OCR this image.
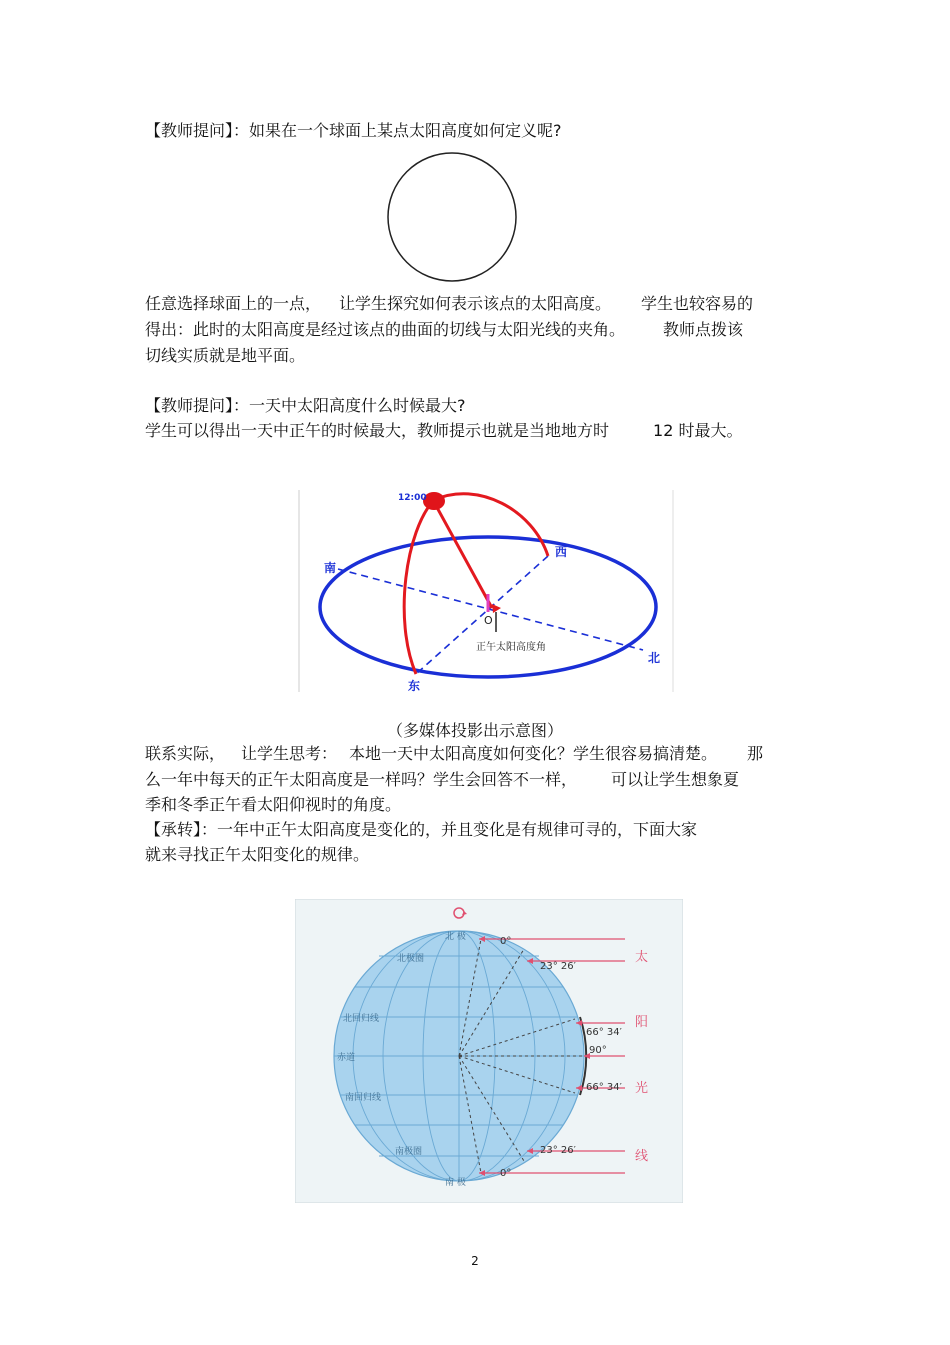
【教师提问】：如果在一个球面上某点太阳高度如何定义呢?
任意选择球面上的一点， 让学生探究如何表示该点的太阳高度。 学生也较容易的
得出：此时的太阳高度是经过该点的曲面的切线与太阳光线的夹角。 教师点拨该
切线实质就是地平面。
【教师提问】：一天中太阳高度什么时候最大?
学生可以得出一天中正午的时候最大，教师提示也就是当地地方时	12 时最大。
12:00
南
西
东
北
O
正午太阳高度角
（多媒体投影出示意图）
联系实际， 让学生思考： 本地一天中太阳高度如何变化？学生很容易搞清楚。 那
么一年中每天的正午太阳高度是一样吗？学生会回答不一样， 可以让学生想象夏
季和冬季正午看太阳仰视时的角度。
【承转】：一年中正午太阳高度是变化的，并且变化是有规律可寻的，下面大家
就来寻找正午太阳变化的规律。
0°
23° 26′
66° 34′
90°
66° 34′
23° 26′
0°
太
阳
光
线
北 极
南 极
北极圈
北回归线
赤道
南回归线
南极圈
2
